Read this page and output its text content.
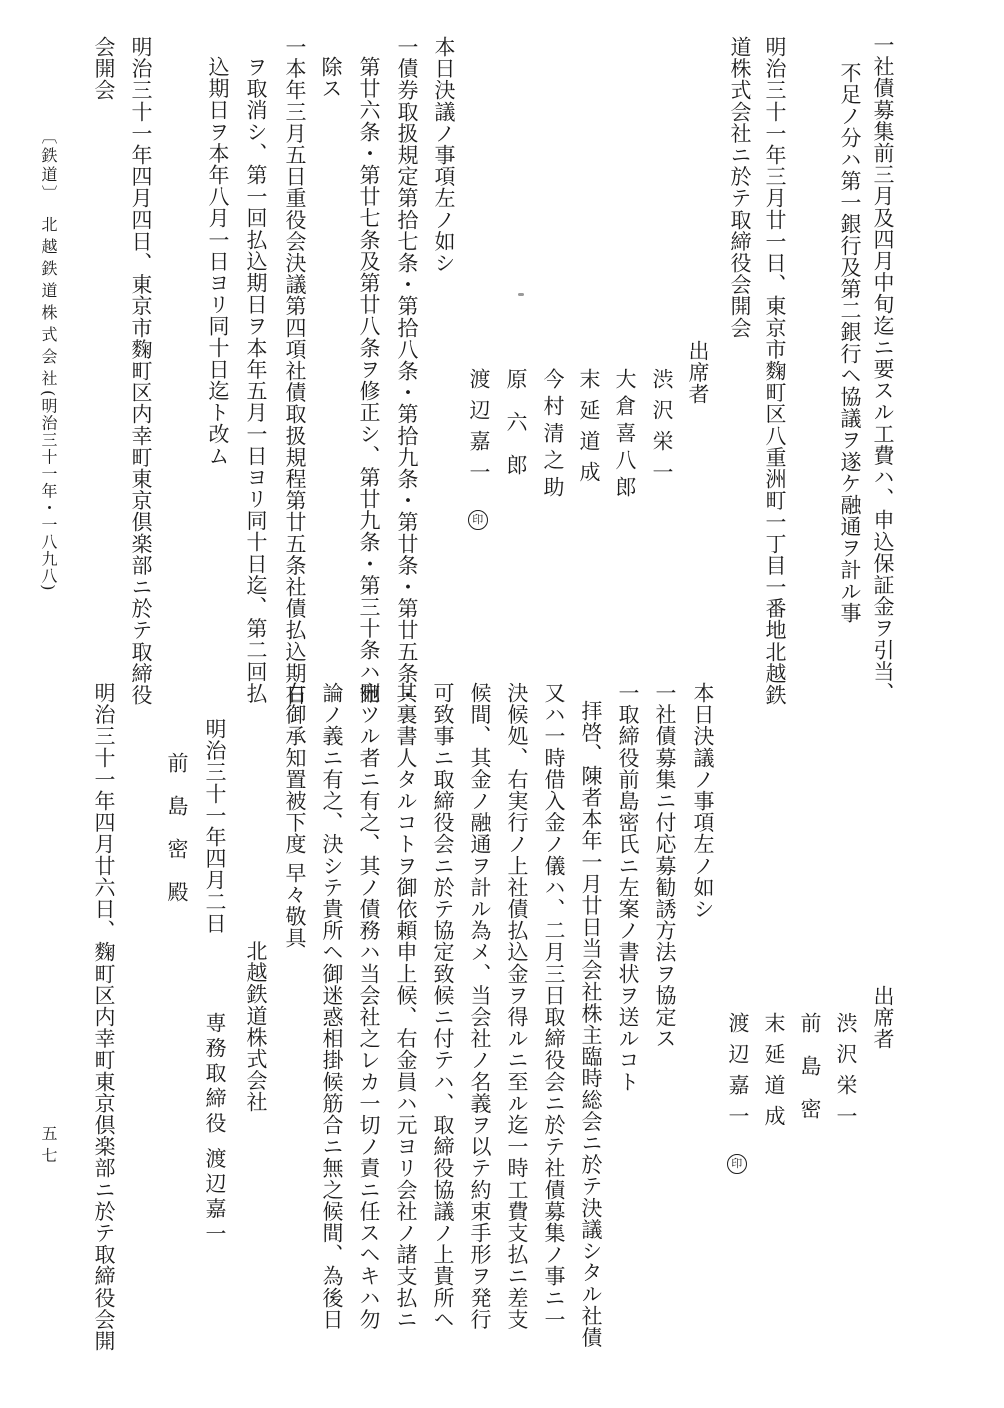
一社債募集前三月及四月中旬迄ニ要スル工費ハ、申込保証金ヲ引当、
不足ノ分ハ第一銀行及第二銀行ヘ協議ヲ遂ケ融通ヲ計ル事
明治三十一年三月廿一日、東京市麴町区八重洲町一丁目一番地北越鉄
道株式会社ニ於テ取締役会開会
出席者
渋沢栄一
大倉喜八郎
末延道成
今村清之助
原六郎
渡辺嘉一
印
本日決議ノ事項左ノ如シ
一債券取扱規定第拾七条・第拾八条・第拾九条・第廿条・第廿五条・
第廿六条・第廿七条及第廿八条ヲ修正シ、第廿九条・第三十条ハ刪
除ス
一本年三月五日重役会決議第四項社債取扱規程第廿五条社債払込期日
ヲ取消シ、第一回払込期日ヲ本年五月一日ヨリ同十日迄、第二回払
込期日ヲ本年八月一日ヨリ同十日迄ト改ム
明治三十一年四月四日、東京市麴町区内幸町東京倶楽部ニ於テ取締役
会開会
〔鉄道〕
北越鉄道株式会社
(明治三十一年・一八九八)
五七
出席者
渋沢栄一
前島密
末延道成
渡辺嘉一
印
本日決議ノ事項左ノ如シ
一社債募集ニ付応募勧誘方法ヲ協定ス
一取締役前島密氏ニ左案ノ書状ヲ送ルコト
拝啓、陳者本年一月廿日当会社株主臨時総会ニ於テ決議シタル社債
又ハ一時借入金ノ儀ハ、二月三日取締役会ニ於テ社債募集ノ事ニ一
決候処、右実行ノ上社債払込金ヲ得ルニ至ル迄一時工費支払ニ差支
候間、其金ノ融通ヲ計ル為メ、当会社ノ名義ヲ以テ約束手形ヲ発行
可致事ニ取締役会ニ於テ協定致候ニ付テハ、取締役協議ノ上貴所ヘ
其裏書人タルコトヲ御依頼申上候、右金員ハ元ヨリ会社ノ諸支払ニ
宛ツル者ニ有之、其ノ債務ハ当会社之レカ一切ノ責ニ任スヘキハ勿
論ノ義ニ有之、決シテ貴所ヘ御迷惑相掛候筋合ニ無之候間、為後日
右御承知置被下度 早々敬具
北越鉄道株式会社
明治三十一年四月二日
専務取締役 渡辺嘉一
前島密殿
明治三十一年四月廿六日、麴町区内幸町東京倶楽部ニ於テ取締役会開
